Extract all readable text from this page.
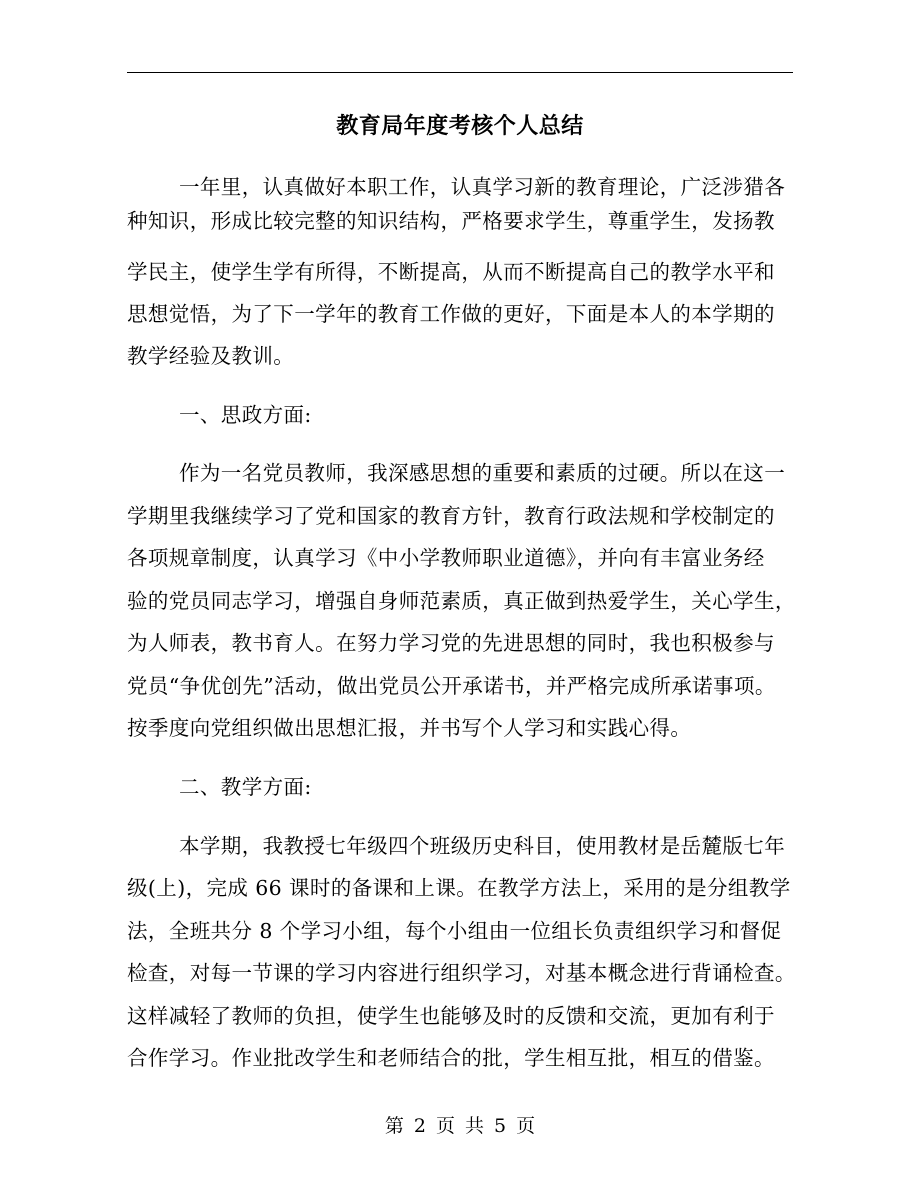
教育局年度考核个人总结
一年里，认真做好本职工作，认真学习新的教育理论，广泛涉猎各
种知识，形成比较完整的知识结构，严格要求学生，尊重学生，发扬教
学民主，使学生学有所得，不断提高，从而不断提高自己的教学水平和
思想觉悟，为了下一学年的教育工作做的更好，下面是本人的本学期的
教学经验及教训。
一、思政方面:
作为一名党员教师，我深感思想的重要和素质的过硬。所以在这一
学期里我继续学习了党和国家的教育方针，教育行政法规和学校制定的
各项规章制度，认真学习《中小学教师职业道德》，并向有丰富业务经
验的党员同志学习，增强自身师范素质，真正做到热爱学生，关心学生，
为人师表，教书育人。在努力学习党的先进思想的同时，我也积极参与
党员“争优创先”活动，做出党员公开承诺书，并严格完成所承诺事项。
按季度向党组织做出思想汇报，并书写个人学习和实践心得。
二、教学方面:
本学期，我教授七年级四个班级历史科目，使用教材是岳麓版七年
级(上)，完成 66 课时的备课和上课。在教学方法上，采用的是分组教学
法，全班共分 8 个学习小组，每个小组由一位组长负责组织学习和督促
检查，对每一节课的学习内容进行组织学习，对基本概念进行背诵检查。
这样减轻了教师的负担，使学生也能够及时的反馈和交流，更加有利于
合作学习。作业批改学生和老师结合的批，学生相互批，相互的借鉴。
第 2 页 共 5 页
